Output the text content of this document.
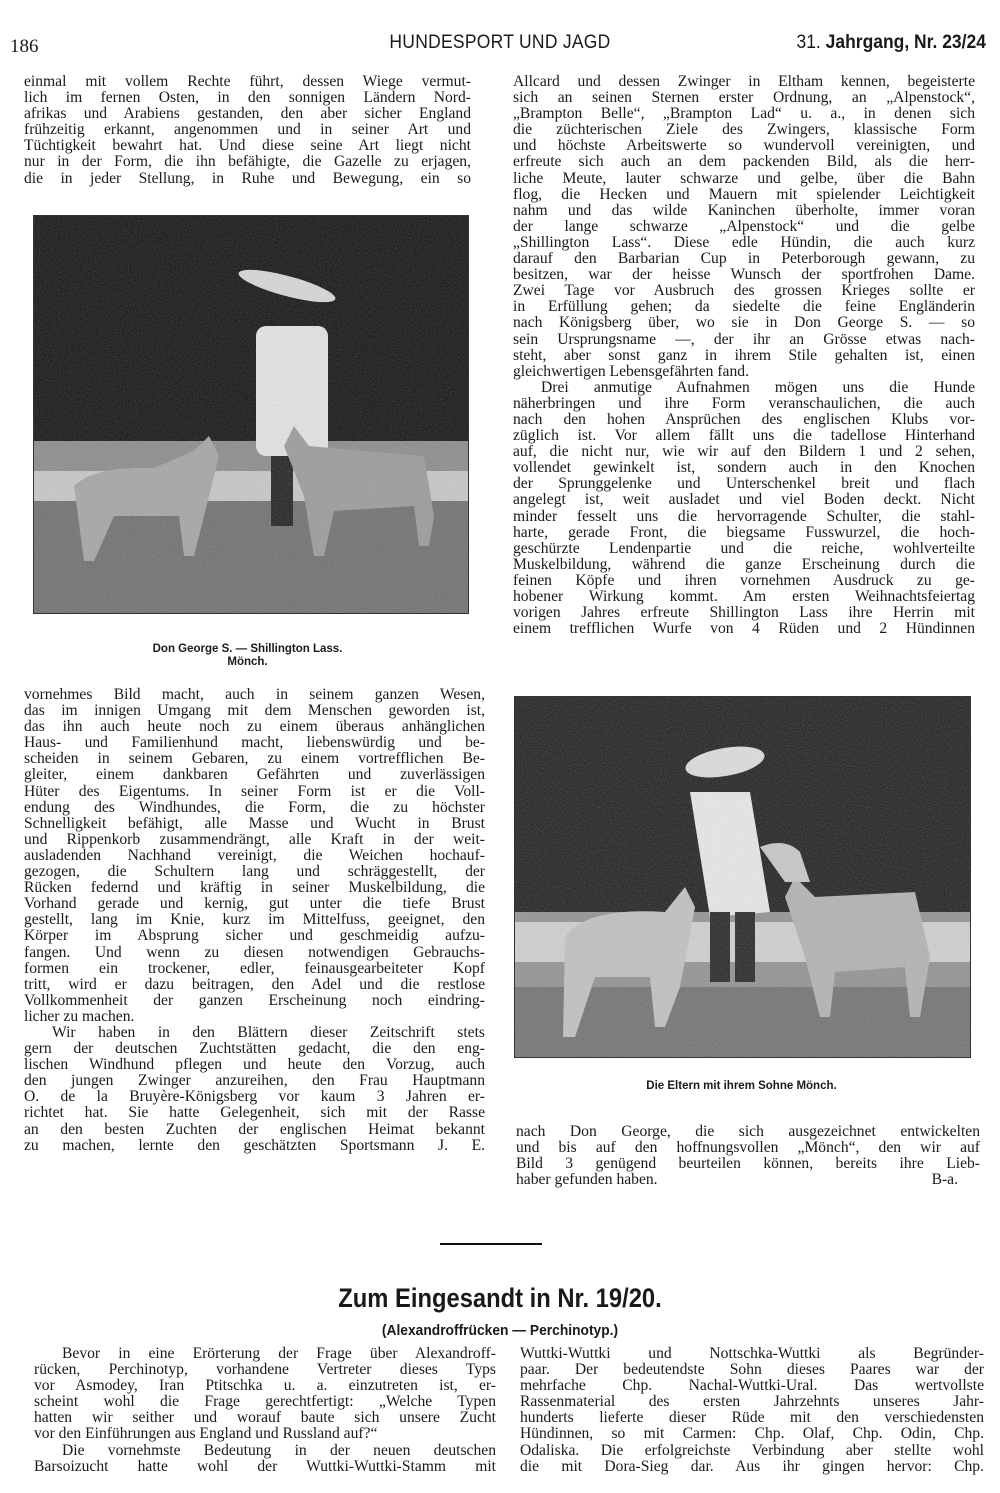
186	HUNDESPORT UND JAGD	31. Jahrgang, Nr. 23/24

einmal mit vollem Rechte führt, dessen Wiege vermut-
lich im fernen Osten, in den sonnigen Ländern Nord-
afrikas und Arabiens gestanden, den aber sicher England
frühzeitig erkannt, angenommen und in seiner Art und
Tüchtigkeit bewahrt hat. Und diese seine Art liegt nicht
nur in der Form, die ihn befähigte, die Gazelle zu erjagen,
die in jeder Stellung, in Ruhe und Bewegung, ein so

Don George S. — Shillington Lass.
Mönch.

vornehmes Bild macht, auch in seinem ganzen Wesen,
das im innigen Umgang mit dem Menschen geworden ist,
das ihn auch heute noch zu einem überaus anhänglichen
Haus- und Familienhund macht, liebenswürdig und be-
scheiden in seinem Gebaren, zu einem vortrefflichen Be-
gleiter, einem dankbaren Gefährten und zuverlässigen
Hüter des Eigentums. In seiner Form ist er die Voll-
endung des Windhundes, die Form, die zu höchster
Schnelligkeit befähigt, alle Masse und Wucht in Brust
und Rippenkorb zusammendrängt, alle Kraft in der weit-
ausladenden Nachhand vereinigt, die Weichen hochauf-
gezogen, die Schultern lang und schräggestellt, der
Rücken federnd und kräftig in seiner Muskelbildung, die
Vorhand gerade und kernig, gut unter die tiefe Brust
gestellt, lang im Knie, kurz im Mittelfuss, geeignet, den
Körper im Absprung sicher und geschmeidig aufzu-
fangen. Und wenn zu diesen notwendigen Gebrauchs-
formen ein trockener, edler, feinausgearbeiteter Kopf
tritt, wird er dazu beitragen, den Adel und die restlose
Vollkommenheit der ganzen Erscheinung noch eindring-
licher zu machen.

Wir haben in den Blättern dieser Zeitschrift stets
gern der deutschen Zuchtstätten gedacht, die den eng-
lischen Windhund pflegen und heute den Vorzug, auch
den jungen Zwinger anzureihen, den Frau Hauptmann
O. de la Bruyère-Königsberg vor kaum 3 Jahren er-
richtet hat. Sie hatte Gelegenheit, sich mit der Rasse
an den besten Zuchten der englischen Heimat bekannt
zu machen, lernte den geschätzten Sportsmann J. E.

Allcard und dessen Zwinger in Eltham kennen, begeisterte
sich an seinen Sternen erster Ordnung, an „Alpenstock“,
„Brampton Belle“, „Brampton Lad“ u. a., in denen sich
die züchterischen Ziele des Zwingers, klassische Form
und höchste Arbeitswerte so wundervoll vereinigten, und
erfreute sich auch an dem packenden Bild, als die herr-
liche Meute, lauter schwarze und gelbe, über die Bahn
flog, die Hecken und Mauern mit spielender Leichtigkeit
nahm und das wilde Kaninchen überholte, immer voran
der lange schwarze „Alpenstock“ und die gelbe
„Shillington Lass“. Diese edle Hündin, die auch kurz
darauf den Barbarian Cup in Peterborough gewann, zu
besitzen, war der heisse Wunsch der sportfrohen Dame.
Zwei Tage vor Ausbruch des grossen Krieges sollte er
in Erfüllung gehen; da siedelte die feine Engländerin
nach Königsberg über, wo sie in Don George S. — so
sein Ursprungsname —, der ihr an Grösse etwas nach-
steht, aber sonst ganz in ihrem Stile gehalten ist, einen
gleichwertigen Lebensgefährten fand.

Drei anmutige Aufnahmen mögen uns die Hunde
näherbringen und ihre Form veranschaulichen, die auch
nach den hohen Ansprüchen des englischen Klubs vor-
züglich ist. Vor allem fällt uns die tadellose Hinterhand
auf, die nicht nur, wie wir auf den Bildern 1 und 2 sehen,
vollendet gewinkelt ist, sondern auch in den Knochen
der Sprunggelenke und Unterschenkel breit und flach
angelegt ist, weit ausladet und viel Boden deckt. Nicht
minder fesselt uns die hervorragende Schulter, die stahl-
harte, gerade Front, die biegsame Fusswurzel, die hoch-
geschürzte Lendenpartie und die reiche, wohlverteilte
Muskelbildung, während die ganze Erscheinung durch die
feinen Köpfe und ihren vornehmen Ausdruck zu ge-
hobener Wirkung kommt. Am ersten Weihnachtsfeiertag
vorigen Jahres erfreute Shillington Lass ihre Herrin mit
einem trefflichen Wurfe von 4 Rüden und 2 Hündinnen

Die Eltern mit ihrem Sohne Mönch.

nach Don George, die sich ausgezeichnet entwickelten
und bis auf den hoffnungsvollen „Mönch“, den wir auf
Bild 3 genügend beurteilen können, bereits ihre Lieb-
haber gefunden haben.	B-a.

Zum Eingesandt in Nr. 19/20.
(Alexandroffrücken — Perchinotyp.)

Bevor in eine Erörterung der Frage über Alexandroff-
rücken, Perchinotyp, vorhandene Vertreter dieses Typs
vor Asmodey, Iran Ptitschka u. a. einzutreten ist, er-
scheint wohl die Frage gerechtfertigt: „Welche Typen
hatten wir seither und worauf baute sich unsere Zucht
vor den Einführungen aus England und Russland auf?“

Die vornehmste Bedeutung in der neuen deutschen
Barsoizucht hatte wohl der Wuttki-Wuttki-Stamm mit

Wuttki-Wuttki und Nottschka-Wuttki als Begründer-
paar. Der bedeutendste Sohn dieses Paares war der
mehrfache Chp. Nachal-Wuttki-Ural. Das wertvollste
Rassenmaterial des ersten Jahrzehnts unseres Jahr-
hunderts lieferte dieser Rüde mit den verschiedensten
Hündinnen, so mit Carmen: Chp. Olaf, Chp. Odin, Chp.
Odaliska. Die erfolgreichste Verbindung aber stellte wohl
die mit Dora-Sieg dar. Aus ihr gingen hervor: Chp.
